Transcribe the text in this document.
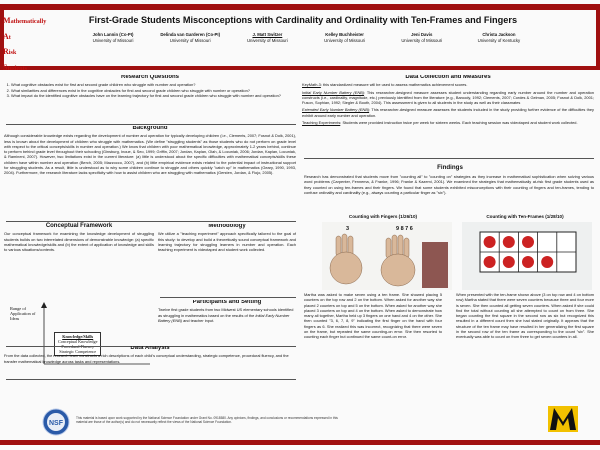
Mathematically
At
Risk
Students
First-Grade Students Misconceptions with Cardinality and Ordinality with Ten-Frames and Fingers
John Lannin (Co-PI)
University of Missouri
Delinda van Garderen (Co-PI)
University of Missouri
J. Matt Switzer
University of Missouri
Kelley Buchheister
University of Missouri
Jeni Davis
University of Missouri
Christa Jackson
University of Kentucky
Research Questions
1. What cognitive obstacles exist for first and second grade children who struggle with number and operation?
2. What similarities and differences exist in the cognitive obstacles for first and second grade children who struggle with number or operation?
3. What impact do the identified cognitive obstacles have on the learning trajectory for first and second grade children who struggle with number and operation?
Background

Although considerable knowledge exists regarding the development of number and operation for typically developing children (i.e., Clements, 2007; Fosnot & Dolk, 2001), less is known about the development of children who struggle with mathematics. (We define "struggling students" as those students who do not perform on grade level with respect to the critical concepts/skills in number and operation.) We know that children with poor mathematical knowledge, approximately 1-2 years behind, continue to perform behind grade level throughout their schooling (Ginsburg, Inoue, & Seo, 1999; Griffin, 2007; Jordan, Kaplan, Olah, & Locuniak, 2006; Jordan, Kaplan, Locuniak, & Ramineni, 2007). However, two limitations exist in the current literature: (a) little is understood about the specific difficulties with mathematical concepts/skills these children have within number and operation (Berch, 2005; Mazzocco, 2007), and (b) little empirical evidence exists related to the potential impact of instructional support for struggling students. As a result, little is understood as to why some children continue to struggle and others quickly "catch up" in mathematics (Geary, 1990, 1993, 2004). Furthermore, the research literature lacks specificity with how to assist children who are struggling with mathematics (Gersten, Jordan, & Flojo, 2005).

Conceptual Framework

Our conceptual framework for examining the knowledge development of struggling students builds on two interrelated dimensions of demonstrable knowledge: (a) specific mathematical knowledge/skills and (b) the extent of application of knowledge and skills to various situations/contexts.

Range of Application of Ideas
Knowledge/Skills
Conceptual Knowledge
Procedural Fluency
Strategic Competence
Methodology

We utilize a "teaching experiment" approach specifically tailored to the goal of this study: to develop and build a theoretically sound conceptual framework and learning trajectory for struggling learners in number and operation. Each teaching experiment is videotaped and student work collected.

Participants and Setting

Twelve first grade students from two Midwest US elementary schools identified as struggling in mathematics based on the results of the Initial Early Number Battery (ENB) and teacher input.

Data Analysis

From the data collected, the research team constructs a rich descriptions of each child's conceptual understanding, strategic competence, procedural fluency, and the transfer mathematical knowledge across tasks and representations.

Data Collection and Measures

KeyMath-3: this standardized measure will be used to assess mathematics achievement scores.

Initial Early Number Battery (ENB): This researcher-designed measure assesses student understanding regarding early number around the number and operation constructs (i.e., cardinality, magnitude, etc.) previously identified from the literature (e.g., Baroody, 1992; Clements, 2007; Cordes & Gelman, 2005; Fosnot & Dolk, 2001; Fuson, Sophian, 1992; Siegler & Booth, 2004). This assessment is given to all students in the study as well as their classmates

Extended Early Number Battery (ENB): This researcher-designed measure assesses the students included in the study providing further evidence of the difficulties they exhibit around early number and operation.

Teaching Experiments: Students were provided instruction twice per week for sixteen weeks. Each teaching session was videotaped and student work collected.

Findings

Research has demonstrated that students move from "counting all" to "counting on" strategies as they increase in mathematical sophistication when solving various word problems (Carpenter, Fennema, & Franke, 1996; Franke & Kazemi, 2001). We examined the strategies that mathematically at-risk first grade students used as they counted on using ten-frames and their fingers. We found that some students exhibited misconceptions with their counting of fingers and ten-frames, tending to confuse ordinality and cardinality (e.g., always counting a particular finger as "six").

Counting with Fingers (1/26/10)	Counting with Ten-Frames (1/28/10)
3	9 8 7 6

Martha was asked to make seven using a ten frame. She showed placing 5 counters on the top row and 2 on the bottom. When asked for another way she placed 2 counters on top and 5 on the bottom. When asked for another way she placed 3 counters on top and 4 on the bottom. When asked to demonstrate how many all together, Martha held up 3 fingers on one hand and 4 on the other. She then counted "3, 6, 7, 8, 9" indicating the first finger on the hand with four fingers as 6. She realized this was incorrect, recognizing that there were seven on the frame, but repeated the same counting-on error. She then resorted to counting each finger but continued the same count-on error.

When presented with the ten-frame shown above (3 on top row and 4 on bottom row) Martha stated that there were seven counters because three and four more is seven. She then counted all getting seven counters. When asked if she could find the total without counting all she attempted to count on from three. She began counting the first square in the second row as six but recognized this resulted in a different count then she had stated originally. It appears that the structure of the ten frame may have resulted in her generalizing the first square in the second row of the ten frame as corresponding to the count "six". She eventually was able to count on from three to get seven counters in all.

NSF
This material is based upon work supported by the National Science Foundation under Grant No. 0918580. Any opinions, findings, and conclusions or recommendations expressed in this material are those of the author(s) and do not necessarily reflect the views of the National Science Foundation.
